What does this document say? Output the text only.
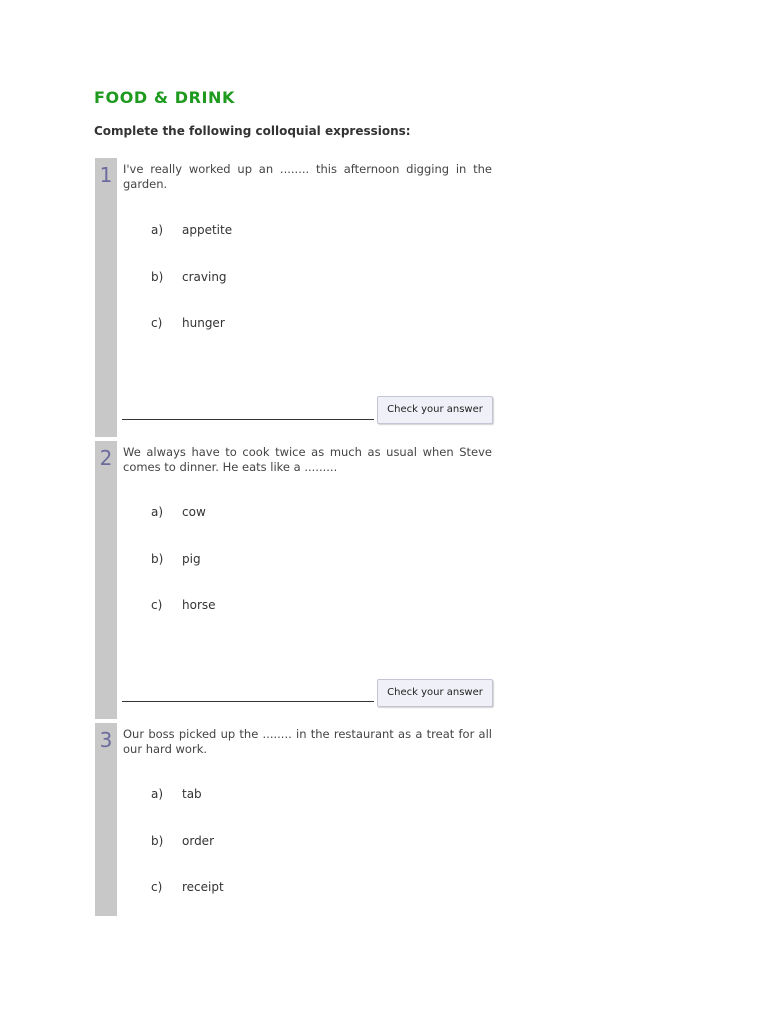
FOOD & DRINK

Complete the following colloquial expressions:

1 I've really worked up an ........ this afternoon digging in the garden.

a) appetite
b) craving
c) hunger
Check your answer
2 We always have to cook twice as much as usual when Steve comes to dinner. He eats like a .........

a) cow
b) pig
c) horse
Check your answer
3 Our boss picked up the ........ in the restaurant as a treat for all our hard work.

a) tab
b) order
c) receipt
